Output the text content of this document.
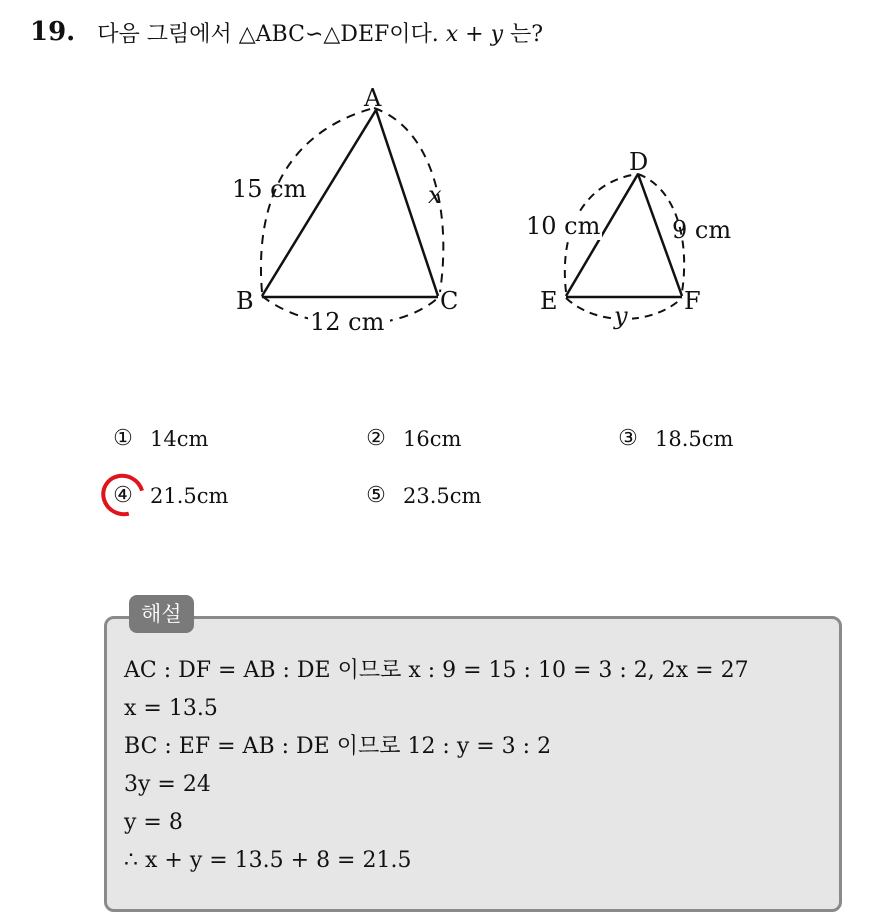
19. 다음 그림에서 △ABC∽△DEF이다. x + y 는?
A
B	C
15 cm	x
12 cm
D
E	F
10 cm	9 cm
y
① 14cm	② 16cm	③ 18.5cm
④ 21.5cm	⑤ 23.5cm
해설
AC : DF = AB : DE 이므로 x : 9 = 15 : 10 = 3 : 2, 2x = 27
x = 13.5
BC : EF = AB : DE 이므로 12 : y = 3 : 2
3y = 24
y = 8
∴ x + y = 13.5 + 8 = 21.5
